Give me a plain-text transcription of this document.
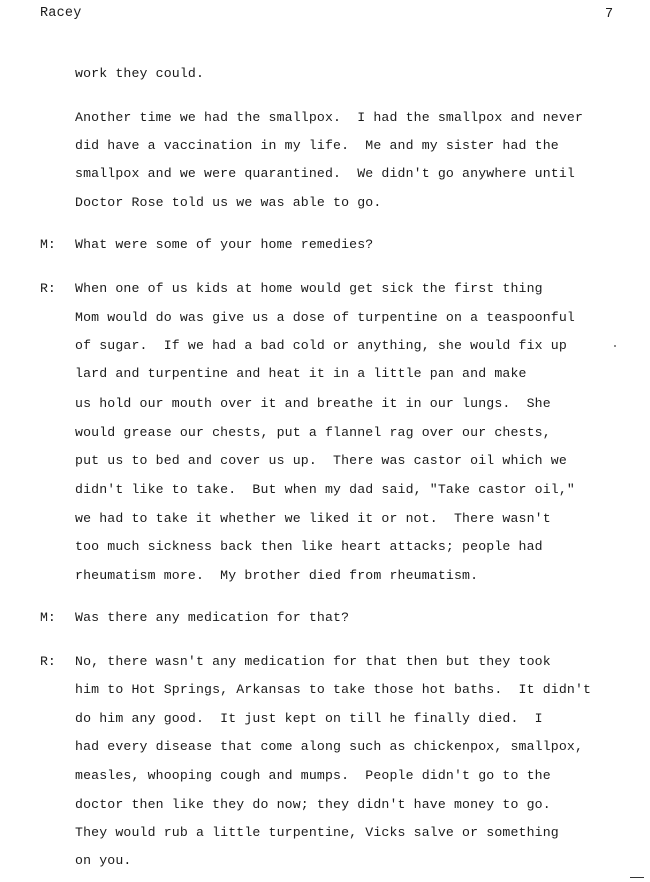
Racey	7
work they could.
Another time we had the smallpox.  I had the smallpox and never
did have a vaccination in my life.  Me and my sister had the
smallpox and we were quarantined.  We didn't go anywhere until
Doctor Rose told us we was able to go.
M: What were some of your home remedies?
R: When one of us kids at home would get sick the first thing
Mom would do was give us a dose of turpentine on a teaspoonful
of sugar.  If we had a bad cold or anything, she would fix up
lard and turpentine and heat it in a little pan and make
us hold our mouth over it and breathe it in our lungs.  She
would grease our chests, put a flannel rag over our chests,
put us to bed and cover us up.  There was castor oil which we
didn't like to take.  But when my dad said, "Take castor oil,"
we had to take it whether we liked it or not.  There wasn't
too much sickness back then like heart attacks; people had
rheumatism more.  My brother died from rheumatism.
M: Was there any medication for that?
R: No, there wasn't any medication for that then but they took
him to Hot Springs, Arkansas to take those hot baths.  It didn't
do him any good.  It just kept on till he finally died.  I
had every disease that come along such as chickenpox, smallpox,
measles, whooping cough and mumps.  People didn't go to the
doctor then like they do now; they didn't have money to go.
They would rub a little turpentine, Vicks salve or something
on you.
